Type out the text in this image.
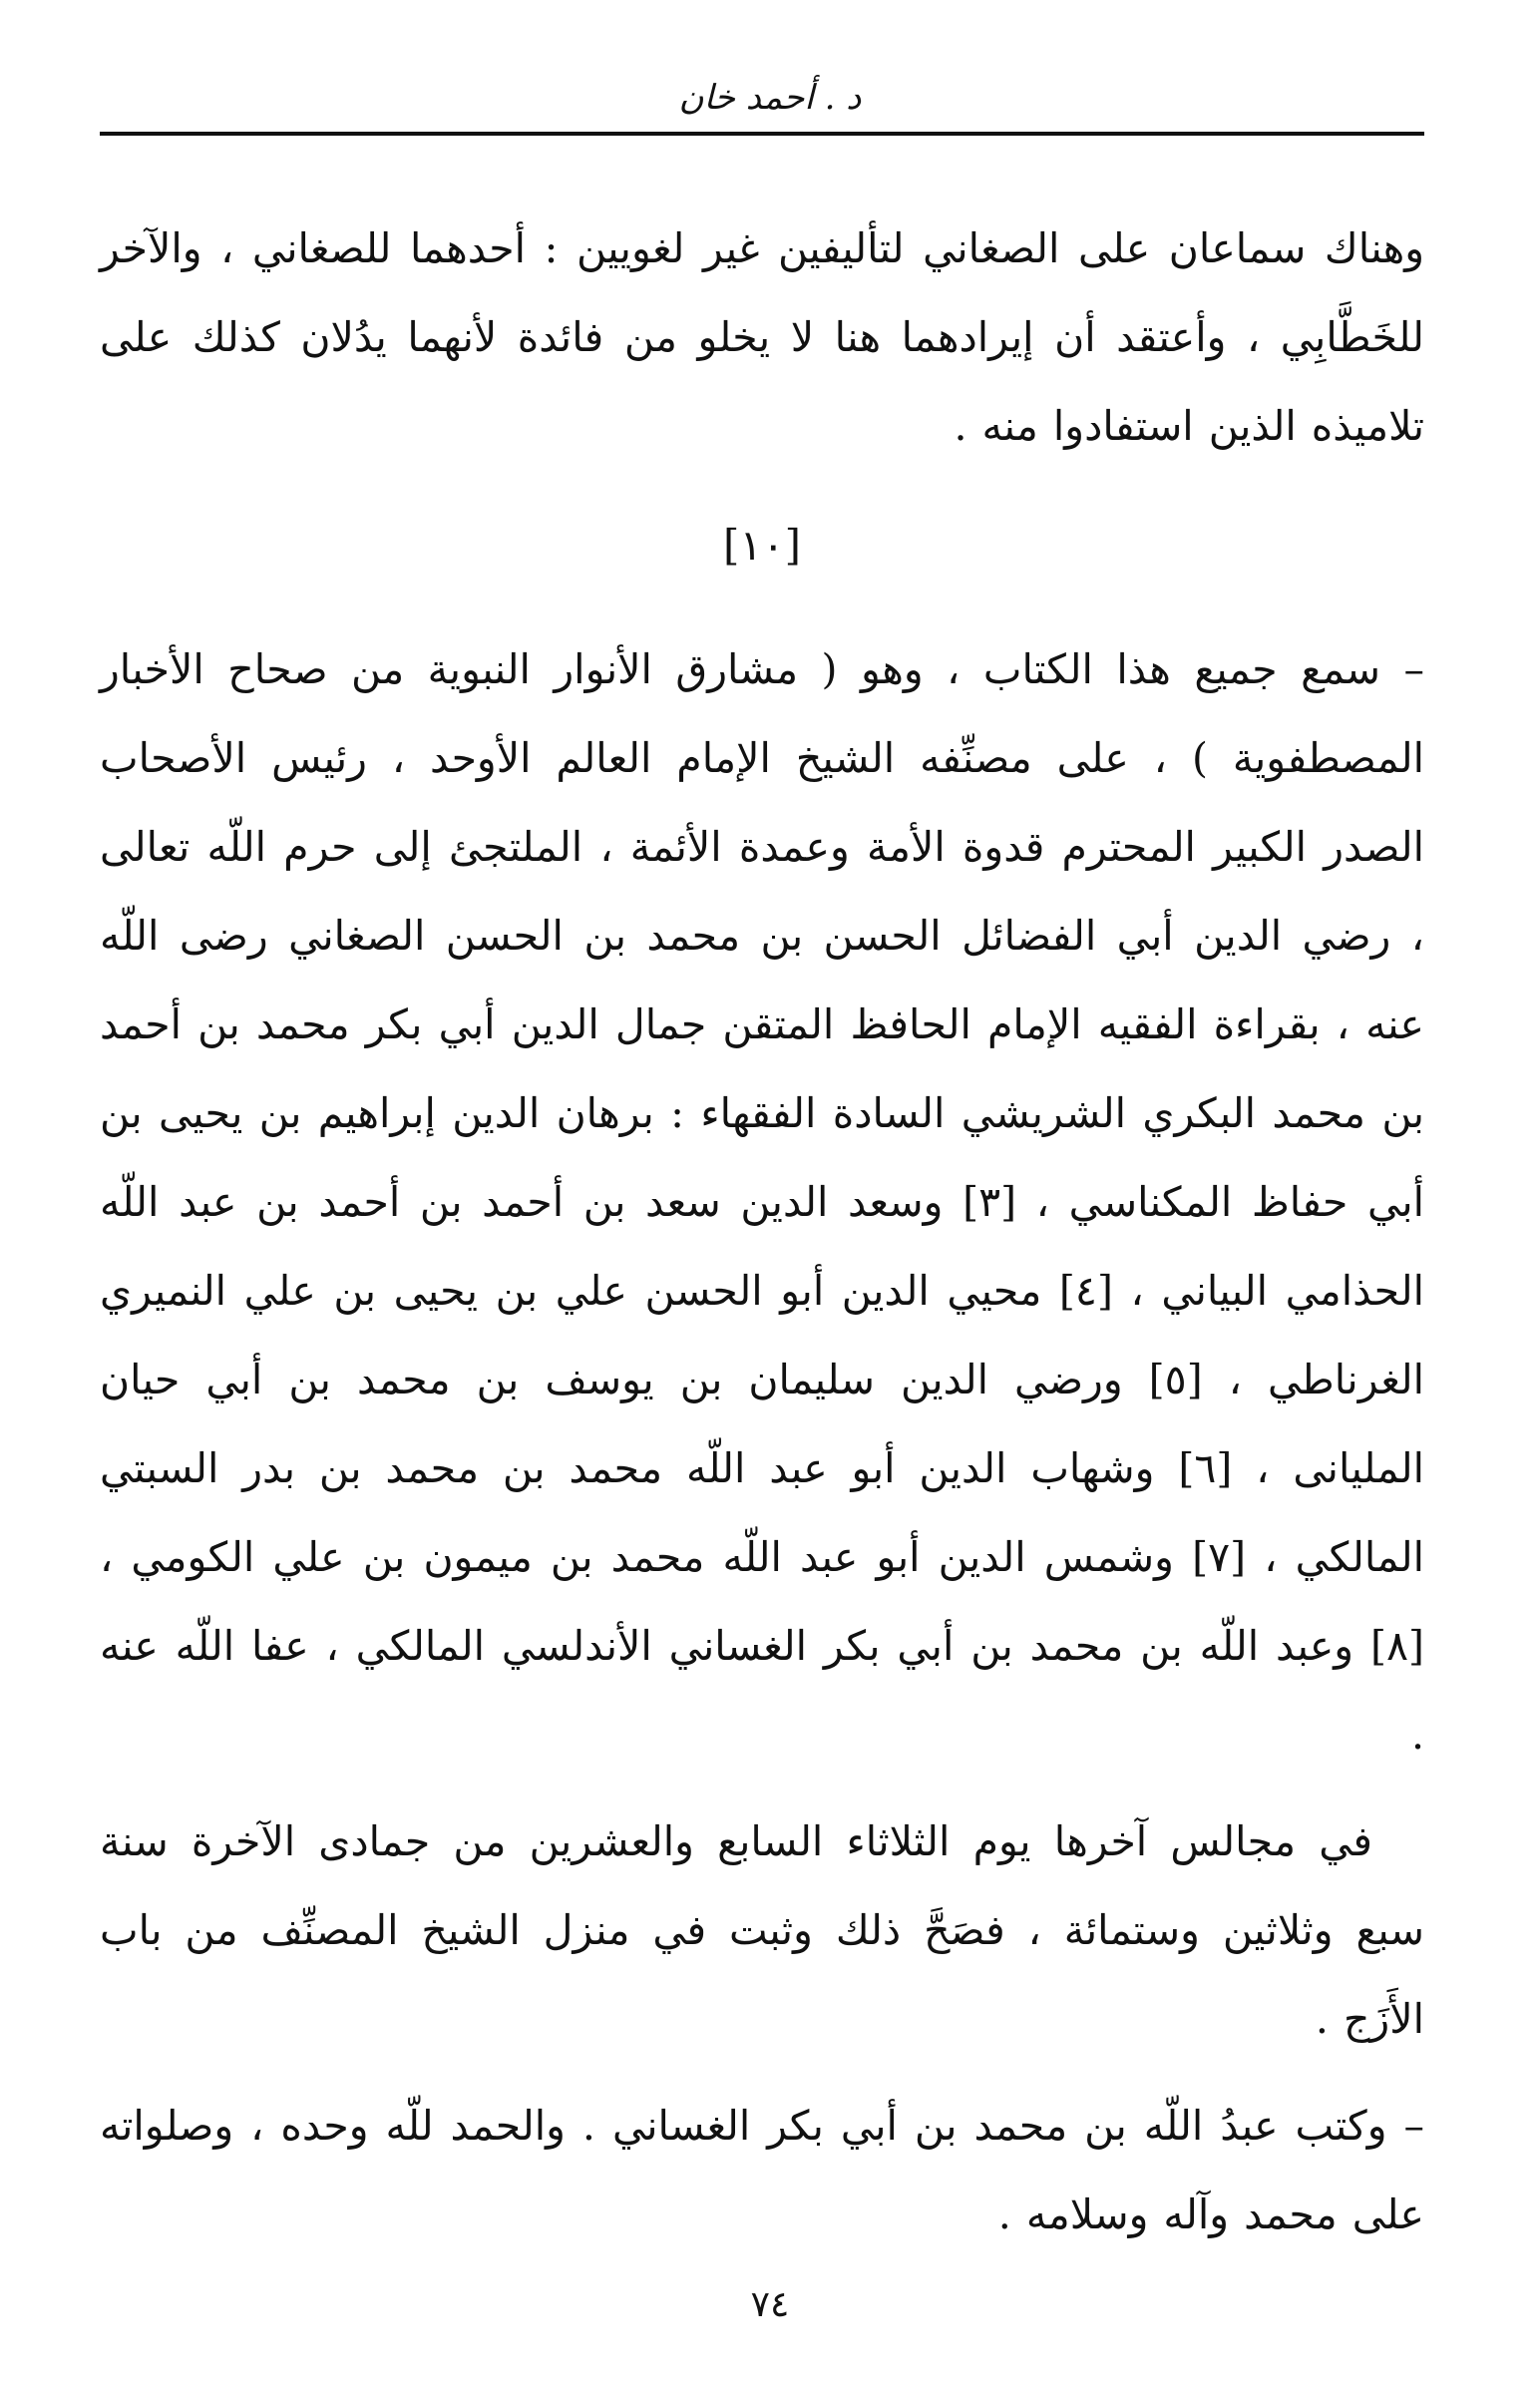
د . أحمد خان

وهناك سماعان على الصغاني لتأليفين غير لغويين : أحدهما للصغاني ، والآخر للخَطَّابِي ، وأعتقد أن إيرادهما هنا لا يخلو من فائدة لأنهما يدُلان كذلك على تلاميذه الذين استفادوا منه .

[١٠]

– سمع جميع هذا الكتاب ، وهو ( مشارق الأنوار النبوية من صحاح الأخبار المصطفوية ) ، على مصنِّفه الشيخ الإمام العالم الأوحد ، رئيس الأصحاب الصدر الكبير المحترم قدوة الأمة وعمدة الأئمة ، الملتجئ إلى حرم اللّه تعالى ، رضي الدين أبي الفضائل الحسن بن محمد بن الحسن الصغاني رضى اللّه عنه ، بقراءة الفقيه الإمام الحافظ المتقن جمال الدين أبي بكر محمد بن أحمد بن محمد البكري الشريشي السادة الفقهاء : برهان الدين إبراهيم بن يحيى بن أبي حفاظ المكناسي ، [٣] وسعد الدين سعد بن أحمد بن أحمد بن عبد اللّه الحذامي البياني ، [٤] محيي الدين أبو الحسن علي بن يحيى بن علي النميري الغرناطي ، [٥] ورضي الدين سليمان بن يوسف بن محمد بن أبي حيان المليانى ، [٦] وشهاب الدين أبو عبد اللّه محمد بن محمد بن بدر السبتي المالكي ، [٧] وشمس الدين أبو عبد اللّه محمد بن ميمون بن علي الكومي ، [٨] وعبد اللّه بن محمد بن أبي بكر الغساني الأندلسي المالكي ، عفا اللّه عنه .

في مجالس آخرها يوم الثلاثاء السابع والعشرين من جمادى الآخرة سنة سبع وثلاثين وستمائة ، فصَحَّ ذلك وثبت في منزل الشيخ المصنِّف من باب الأَزَج .

– وكتب عبدُ اللّه بن محمد بن أبي بكر الغساني . والحمد للّه وحده ، وصلواته على محمد وآله وسلامه .

٧٤
